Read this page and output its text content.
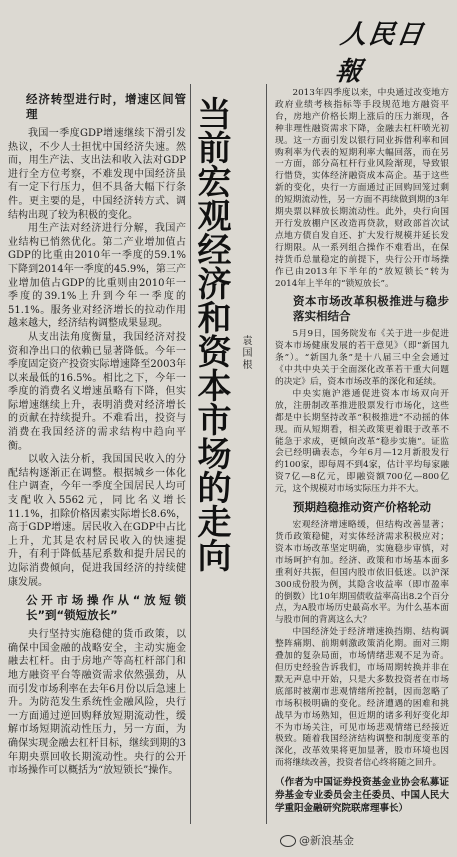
人民日報
当前宏观经济和资本市场的走向 袁国根
经济转型进行时，增速区间管理

我国一季度GDP增速继续下滑引发热议，不少人士担忧中国经济失速。然而，用生产法、支出法和收入法对GDP进行全方位考察，不难发现中国经济虽有一定下行压力，但不具备大幅下行条件。更主要的是，中国经济转方式、调结构出现了较为积极的变化。

用生产法对经济进行分解，我国产业结构已悄然优化。第二产业增加值占GDP的比重由2010年一季度的59.1%下降到2014年一季度的45.9%，第三产业增加值占GDP的比重则由2010年一季度的39.1%上升到今年一季度的51.1%。服务业对经济增长的拉动作用越来越大，经济结构调整成果显现。

从支出法角度衡量，我国经济对投资和净出口的依赖已显著降低。今年一季度固定资产投资实际增速降至2003年以来最低的16.5%。相比之下，今年一季度的消费名义增速虽略有下降，但实际增速继续上升，表明消费对经济增长的贡献在持续提升。不难看出，投资与消费在我国经济的需求结构中趋向平衡。

以收入法分析，我国国民收入的分配结构逐渐正在调整。根据城乡一体化住户调查，今年一季度全国居民人均可支配收入5562元，同比名义增长11.1%，扣除价格因素实际增长8.6%，高于GDP增速。居民收入在GDP中占比上升，尤其是农村居民收入的快速提升，有利于降低基尼系数和提升居民的边际消费倾向，促进我国经济的持续健康发展。

公开市场操作从“放短锁长”到“锁短放长”

央行坚持实施稳健的货币政策，以确保中国金融的战略安全，主动实施金融去杠杆。由于房地产等高杠杆部门和地方融资平台等融资需求依然强劲，从而引发市场利率在去年6月份以后急速上升。为防范发生系统性金融风险，央行一方面通过逆回购释放短期流动性，缓解市场短期流动性压力，另一方面，为确保实现金融去杠杆目标，继续到期的3年期央票回收长期流动性。央行的公开市场操作可以概括为“放短锁长”操作。

2013年四季度以来，中央通过改变地方政府业绩考核指标等手段规范地方融资平台，房地产价格长期上涨后的压力渐现，各种非理性融资需求下降，金融去杠杆喷光初现。这一方面引发以银行同业拆借利率和回购利率为代表的短期利率大幅回落，而在另一方面，部分高杠杆行业风险渐现，导致银行惜贷，实体经济融资成本高企。基于这些新的变化，央行一方面通过正回购回笼过剩的短期流动性，另一方面不再续做到期的3年期央票以释放长期流动性。此外，央行向国开行发放棚户区改造再贷款，财政部首次试点地方债自发自还、扩大发行规模并延长发行期限。从一系列组合操作不难看出，在保持货币总量稳定的前提下，央行公开市场操作已由2013年下半年的“放短锁长”转为2014年上半年的“锁短放长”。

资本市场改革积极推进与稳步落实相结合

5月9日，国务院发布《关于进一步促进资本市场健康发展的若干意见》（即“新国九条”）。“新国九条”是十八届三中全会通过《中共中央关于全面深化改革若干重大问题的决定》后，资本市场改革的深化和延续。

中央实施沪港通促进资本市场双向开放，注册制改革推进股票发行市场化，这些都是中长期坚持改革“积极推进”不动摇的体现。而从短期看，相关政策更着眼于改革不能急于求成，更倾向改革“稳步实施”。证监会已经明确表态，今年6月—12月新股发行约100家，即每周不到4家，估计平均每家融资7亿—8亿元，即融资额700亿—800亿元，这个规模对市场实际压力并不大。

预期趋稳推动资产价格轮动

宏观经济增速略缓，但结构改善显著；货币政策稳健，对实体经济需求积极应对；资本市场改革坚定明确，实施稳步审慎，对市场呵护有加。经济、政策和市场基本面多重利好共振，但国内股市依旧低迷。以沪深300成份股为例，其隐含收益率（即市盈率的倒数）比10年期国债收益率高出8.2个百分点，为A股市场历史最高水平。为什么基本面与股市间的背离这么大？

中国经济处于经济增速换挡期、结构调整阵痛期、前期刺激政策消化期。面对三期叠加的复杂局面，市场情绪悲观不足为奇。但历史经验告诉我们，市场周期转换并非在默无声息中开始，只是大多数投资者在市场底部时被潮市悲观情绪所控制，因而忽略了市场积极明确的变化。经济遭遇的困难和挑战早为市场熟知，但近期的诸多利好变化却不为市场关注，可见市场悲观情绪已经接近极致。随着我国经济结构调整和制度变革的深化，改革效果将更加显著，股市环境也因而将继续改善，投资者信心终将随之回升。

（作者为中国证券投资基金业协会私募证券基金专业委员会主任委员、中国人民大学重阳金融研究院联席理事长）
@新浪基金
